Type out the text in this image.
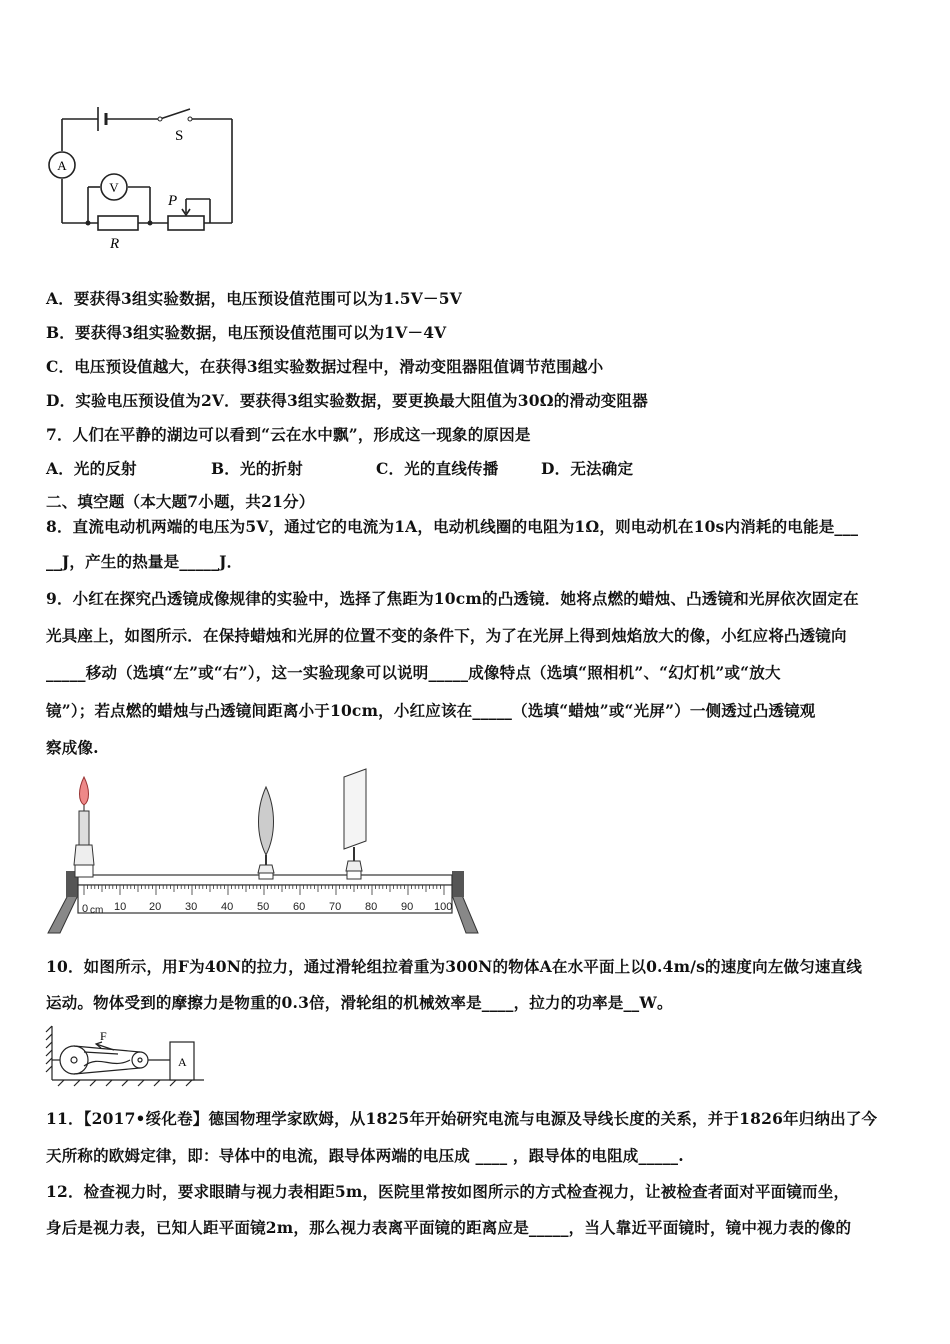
A
V
S
P
R
A．要获得3组实验数据，电压预设值范围可以为1.5V－5V
B．要获得3组实验数据，电压预设值范围可以为1V－4V
C．电压预设值越大，在获得3组实验数据过程中，滑动变阻器阻值调节范围越小
D．实验电压预设值为2V．要获得3组实验数据，要更换最大阻值为30Ω的滑动变阻器
7．人们在平静的湖边可以看到“云在水中飘”，形成这一现象的原因是
A．光的反射	B．光的折射	C．光的直线传播	D．无法确定
二、填空题（本大题7小题，共21分）
8．直流电动机两端的电压为5V，通过它的电流为1A，电动机线圈的电阻为1Ω，则电动机在10s内消耗的电能是___
__J，产生的热量是_____J．
9．小红在探究凸透镜成像规律的实验中，选择了焦距为10cm的凸透镜．她将点燃的蜡烛、凸透镜和光屏依次固定在
光具座上，如图所示．在保持蜡烛和光屏的位置不变的条件下，为了在光屏上得到烛焰放大的像，小红应将凸透镜向
_____移动（选填“左”或“右”），这一实验现象可以说明_____成像特点（选填“照相机”、“幻灯机”或“放大
镜”）；若点燃的蜡烛与凸透镜间距离小于10cm，小红应该在_____（选填“蜡烛”或“光屏”）一侧透过凸透镜观
察成像.
0 cm 10 20 30 40 50 60 70 80 90 100
10．如图所示，用F为40N的拉力，通过滑轮组拉着重为300N的物体A在水平面上以0.4m/s的速度向左做匀速直线
运动。物体受到的摩擦力是物重的0.3倍，滑轮组的机械效率是____，拉力的功率是__W。
F
A
11．【2017•绥化卷】德国物理学家欧姆，从1825年开始研究电流与电源及导线长度的关系，并于1826年归纳出了今
天所称的欧姆定律，即：导体中的电流，跟导体两端的电压成 ____ ，跟导体的电阻成_____.
12．检查视力时，要求眼睛与视力表相距5m，医院里常按如图所示的方式检查视力，让被检查者面对平面镜而坐，
身后是视力表，已知人距平面镜2m，那么视力表离平面镜的距离应是_____，当人靠近平面镜时，镜中视力表的像的
